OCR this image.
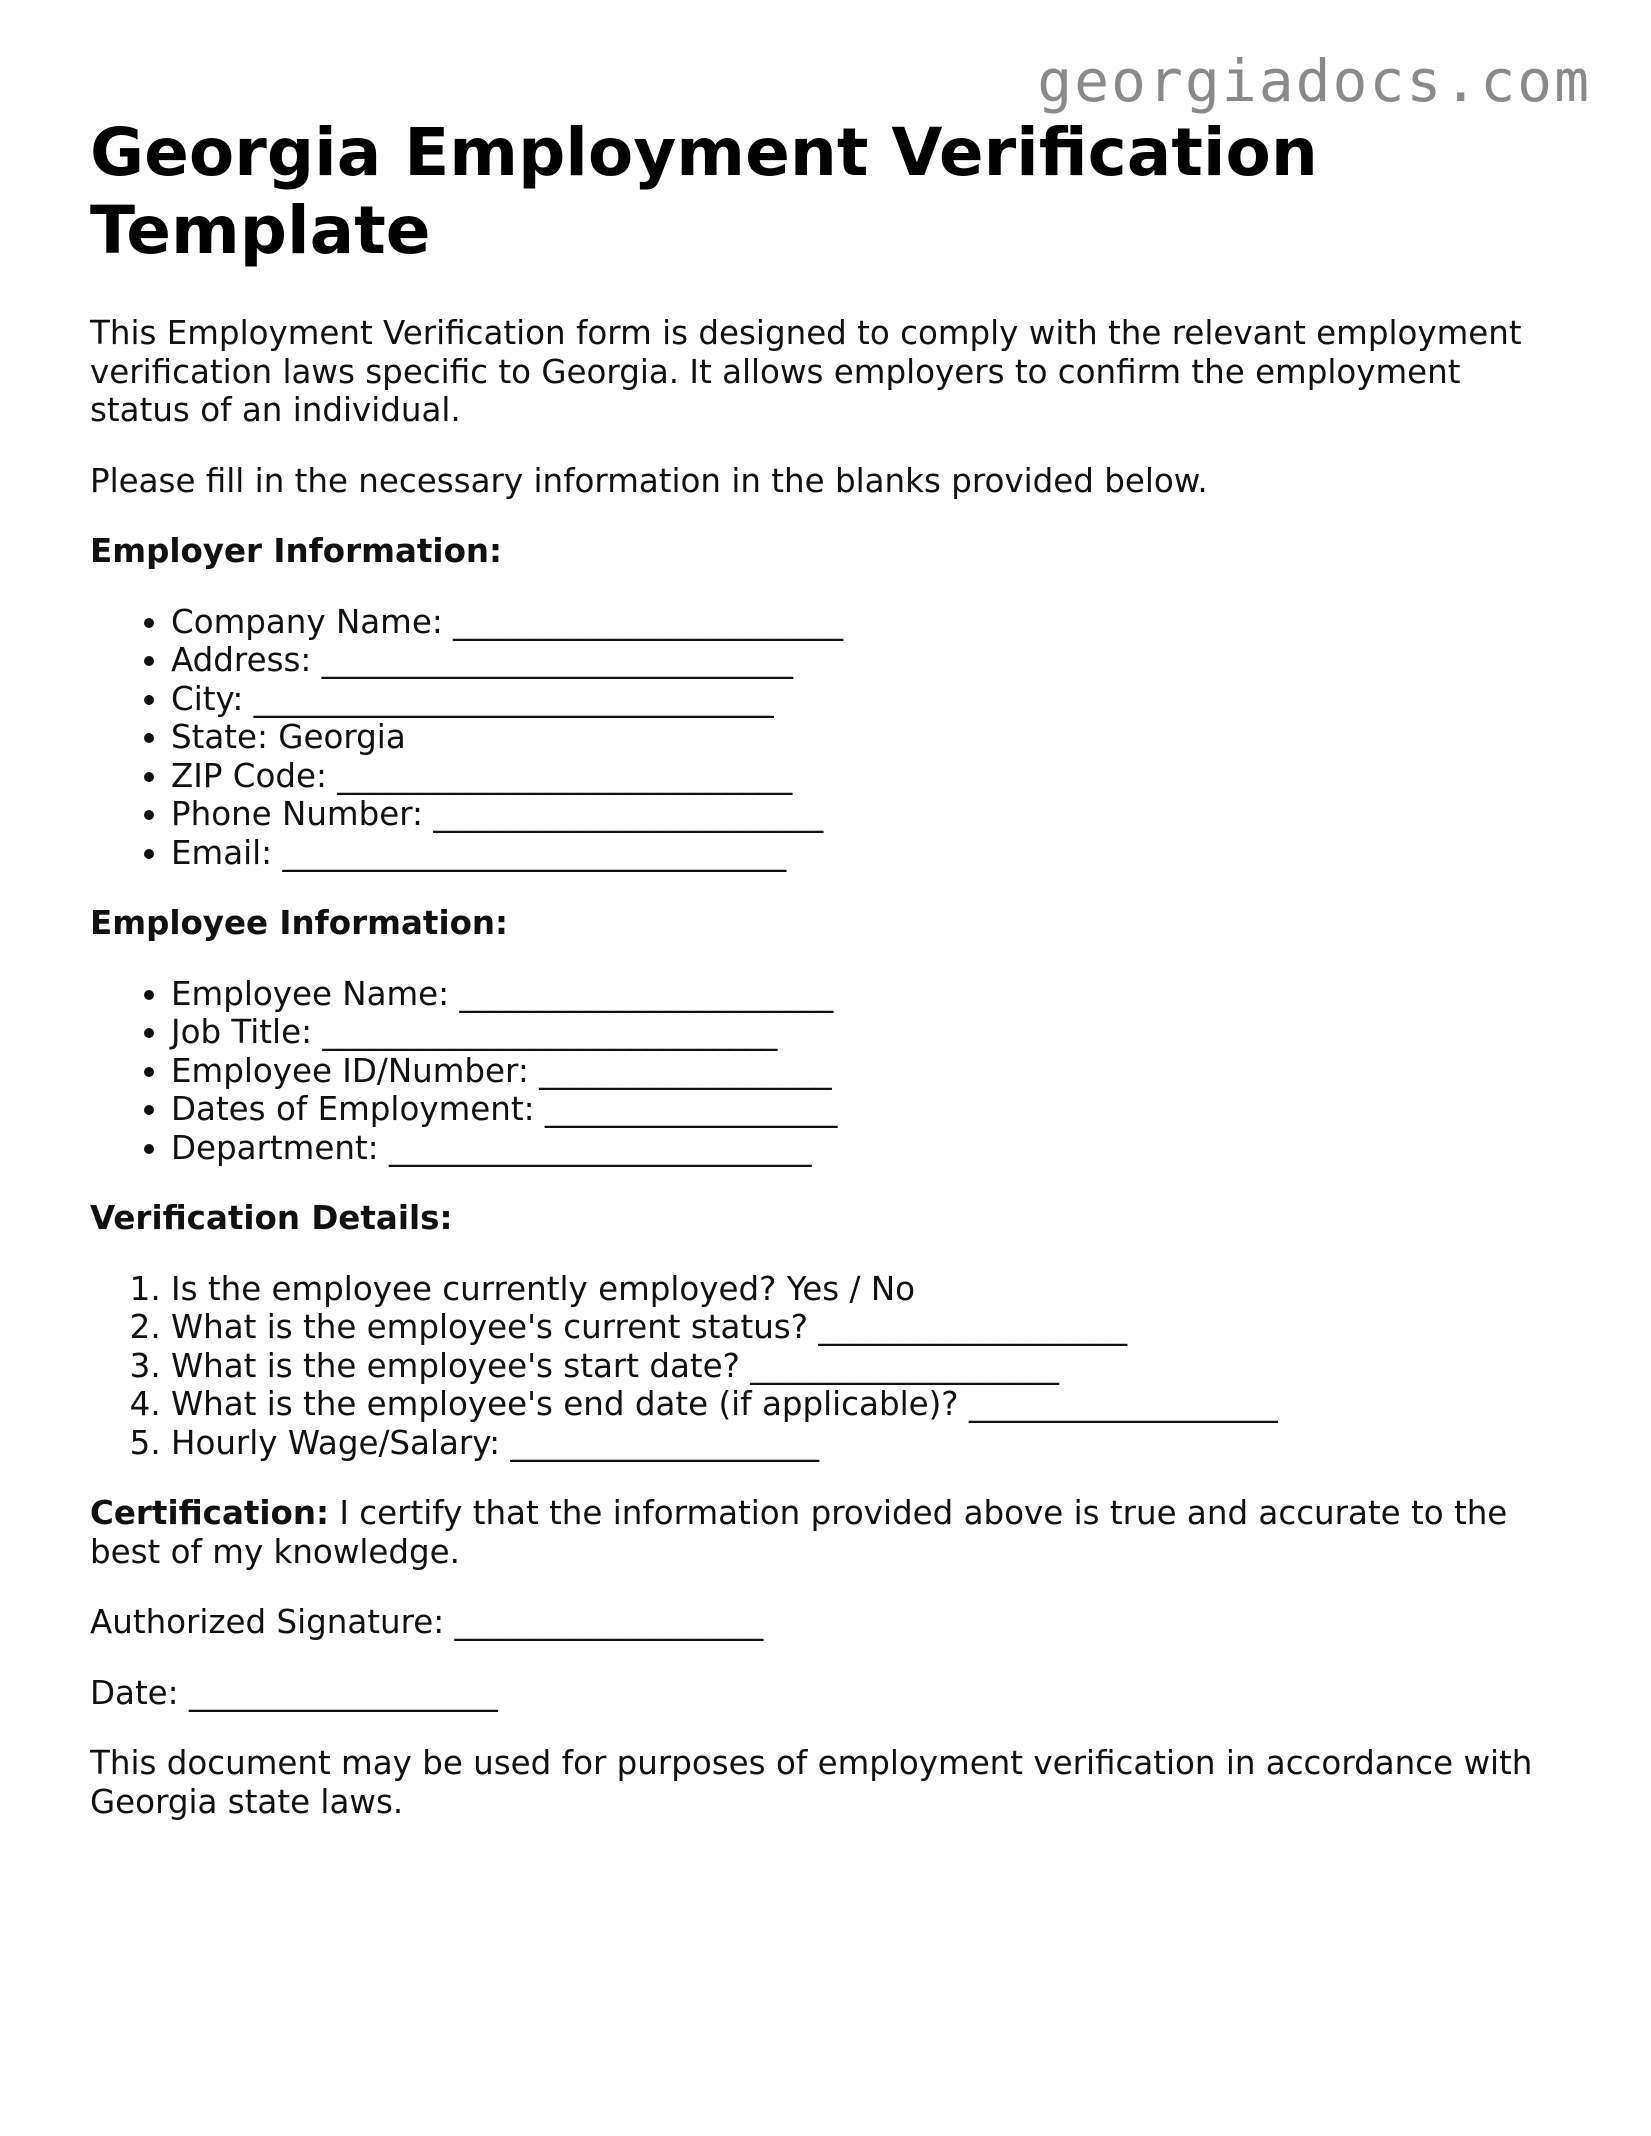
georgiadocs.com
Georgia Employment Verification Template

This Employment Verification form is designed to comply with the relevant employment verification laws specific to Georgia. It allows employers to confirm the employment status of an individual.

Please fill in the necessary information in the blanks provided below.

Employer Information:
• Company Name: ________________________
• Address: _____________________________
• City: ________________________________
• State: Georgia
• ZIP Code: ____________________________
• Phone Number: ________________________
• Email: _______________________________
Employee Information:
• Employee Name: _______________________
• Job Title: ____________________________
• Employee ID/Number: __________________
• Dates of Employment: __________________
• Department: __________________________
Verification Details:
1. Is the employee currently employed? Yes / No
2. What is the employee's current status? ___________________
3. What is the employee's start date? ___________________
4. What is the employee's end date (if applicable)? ___________________
5. Hourly Wage/Salary: ___________________

Certification: I certify that the information provided above is true and accurate to the best of my knowledge.

Authorized Signature: ___________________

Date: ___________________

This document may be used for purposes of employment verification in accordance with Georgia state laws.
